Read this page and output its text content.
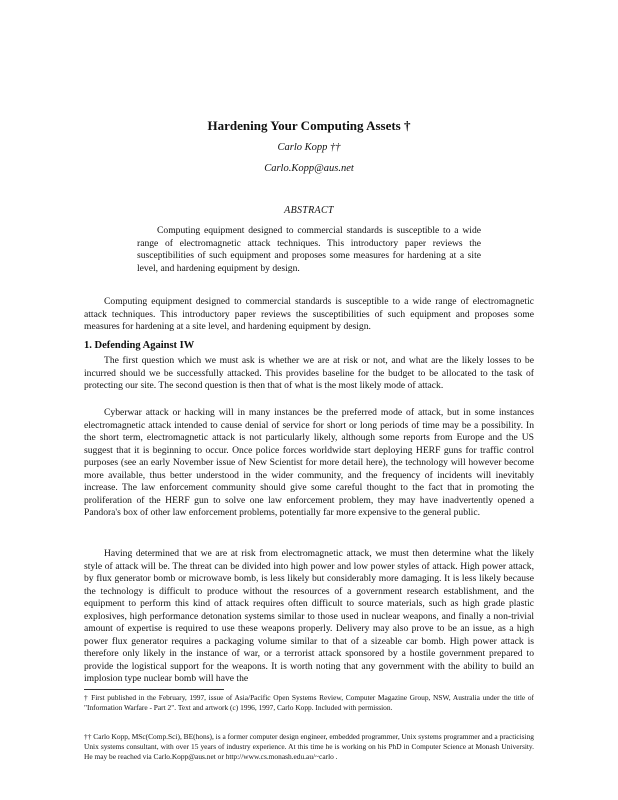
Hardening Your Computing Assets †
Carlo Kopp ††
Carlo.Kopp@aus.net
ABSTRACT

Computing equipment designed to commercial standards is susceptible to a wide range of electromagnetic attack techniques. This introductory paper reviews the susceptibilities of such equipment and proposes some measures for hardening at a site level, and hardening equipment by design.

Computing equipment designed to commercial standards is susceptible to a wide range of electromagnetic attack techniques. This introductory paper reviews the susceptibilities of such equipment and proposes some measures for hardening at a site level, and hardening equipment by design.

1. Defending Against IW

The first question which we must ask is whether we are at risk or not, and what are the likely losses to be incurred should we be successfully attacked. This provides baseline for the budget to be allocated to the task of protecting our site. The second question is then that of what is the most likely mode of attack.

Cyberwar attack or hacking will in many instances be the preferred mode of attack, but in some instances electromagnetic attack intended to cause denial of service for short or long periods of time may be a possibility. In the short term, electromagnetic attack is not particularly likely, although some reports from Europe and the US suggest that it is beginning to occur. Once police forces worldwide start deploying HERF guns for traffic control purposes (see an early November issue of New Scientist for more detail here), the technology will however become more available, thus better understood in the wider community, and the frequency of incidents will inevitably increase. The law enforcement community should give some careful thought to the fact that in promoting the proliferation of the HERF gun to solve one law enforcement problem, they may have inadvertently opened a Pandora's box of other law enforcement problems, potentially far more expensive to the general public.

Having determined that we are at risk from electromagnetic attack, we must then determine what the likely style of attack will be. The threat can be divided into high power and low power styles of attack. High power attack, by flux generator bomb or microwave bomb, is less likely but considerably more damaging. It is less likely because the technology is difficult to produce without the resources of a government research establishment, and the equipment to perform this kind of attack requires often difficult to source materials, such as high grade plastic explosives, high performance detonation systems similar to those used in nuclear weapons, and finally a non-trivial amount of expertise is required to use these weapons properly. Delivery may also prove to be an issue, as a high power flux generator requires a packaging volume similar to that of a sizeable car bomb. High power attack is therefore only likely in the instance of war, or a terrorist attack sponsored by a hostile government prepared to provide the logistical support for the weapons. It is worth noting that any government with the ability to build an implosion type nuclear bomb will have the

† First published in the February, 1997, issue of Asia/Pacific Open Systems Review, Computer Magazine Group, NSW, Australia under the title of "Information Warfare - Part 2". Text and artwork (c) 1996, 1997, Carlo Kopp. Included with permission.

†† Carlo Kopp, MSc(Comp.Sci), BE(hons), is a former computer design engineer, embedded programmer, Unix systems programmer and a practicising Unix systems consultant, with over 15 years of industry experience. At this time he is working on his PhD in Computer Science at Monash University. He may be reached via Carlo.Kopp@aus.net or http://www.cs.monash.edu.au/~carlo .
